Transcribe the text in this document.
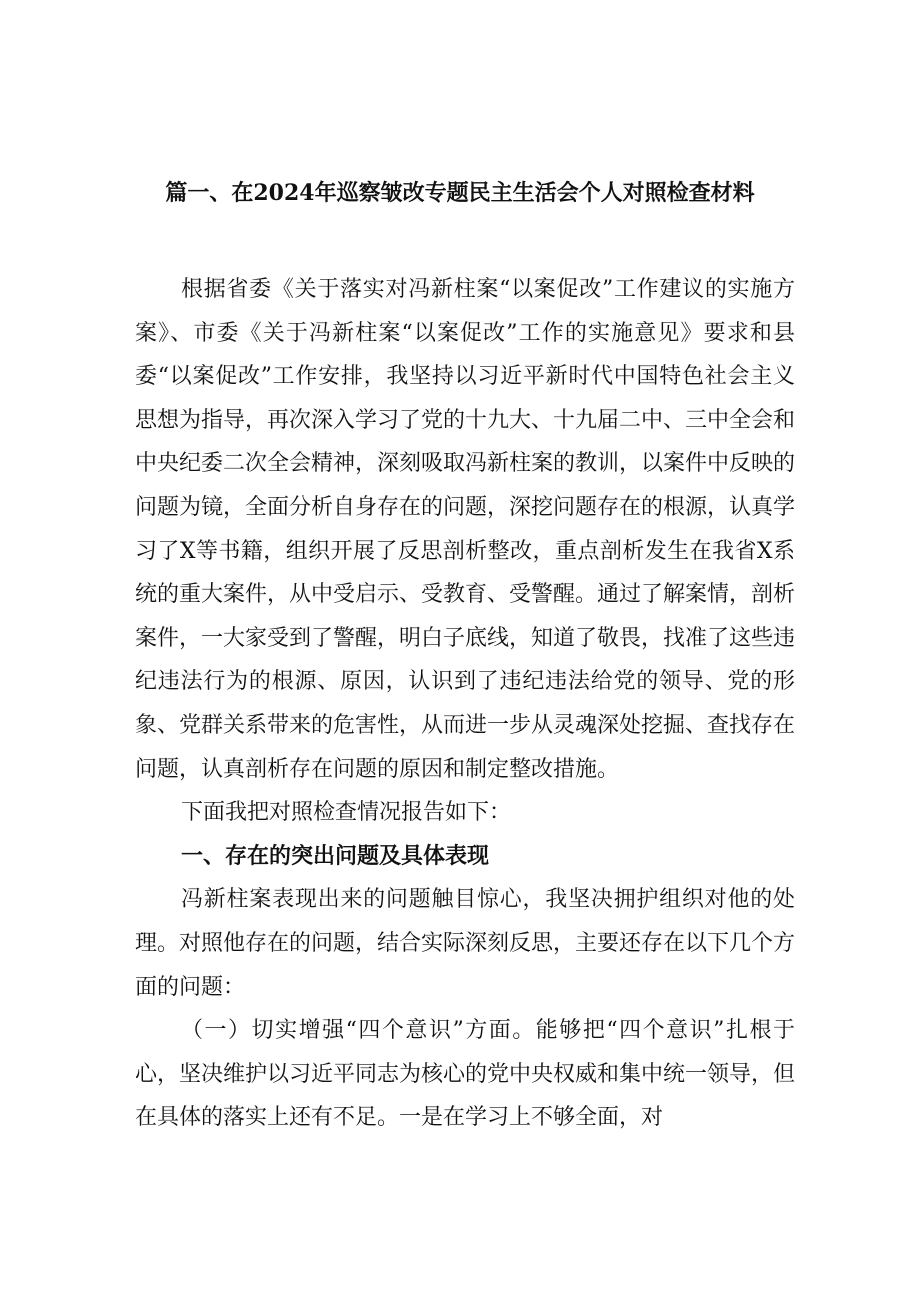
篇一、在2024年巡察皱改专题民主生活会个人对照检查材料

根据省委《关于落实对冯新柱案“以案促改”工作建议的实施方案》、市委《关于冯新柱案“以案促改”工作的实施意见》要求和县委“以案促改”工作安排，我坚持以习近平新时代中国特色社会主义思想为指导，再次深入学习了党的十九大、十九届二中、三中全会和中央纪委二次全会精神，深刻吸取冯新柱案的教训，以案件中反映的问题为镜，全面分析自身存在的问题，深挖问题存在的根源，认真学习了X等书籍，组织开展了反思剖析整改，重点剖析发生在我省X系统的重大案件，从中受启示、受教育、受警醒。通过了解案情，剖析案件，一大家受到了警醒，明白子底线，知道了敬畏，找准了这些违纪违法行为的根源、原因，认识到了违纪违法给党的领导、党的形象、党群关系带来的危害性，从而进一步从灵魂深处挖掘、查找存在问题，认真剖析存在问题的原因和制定整改措施。

下面我把对照检查情况报告如下：

一、存在的突出问题及具体表现

冯新柱案表现出来的问题触目惊心，我坚决拥护组织对他的处理。对照他存在的问题，结合实际深刻反思，主要还存在以下几个方面的问题：

（一）切实增强“四个意识”方面。能够把“四个意识”扎根于心，坚决维护以习近平同志为核心的党中央权威和集中统一领导，但在具体的落实上还有不足。一是在学习上不够全面，对
